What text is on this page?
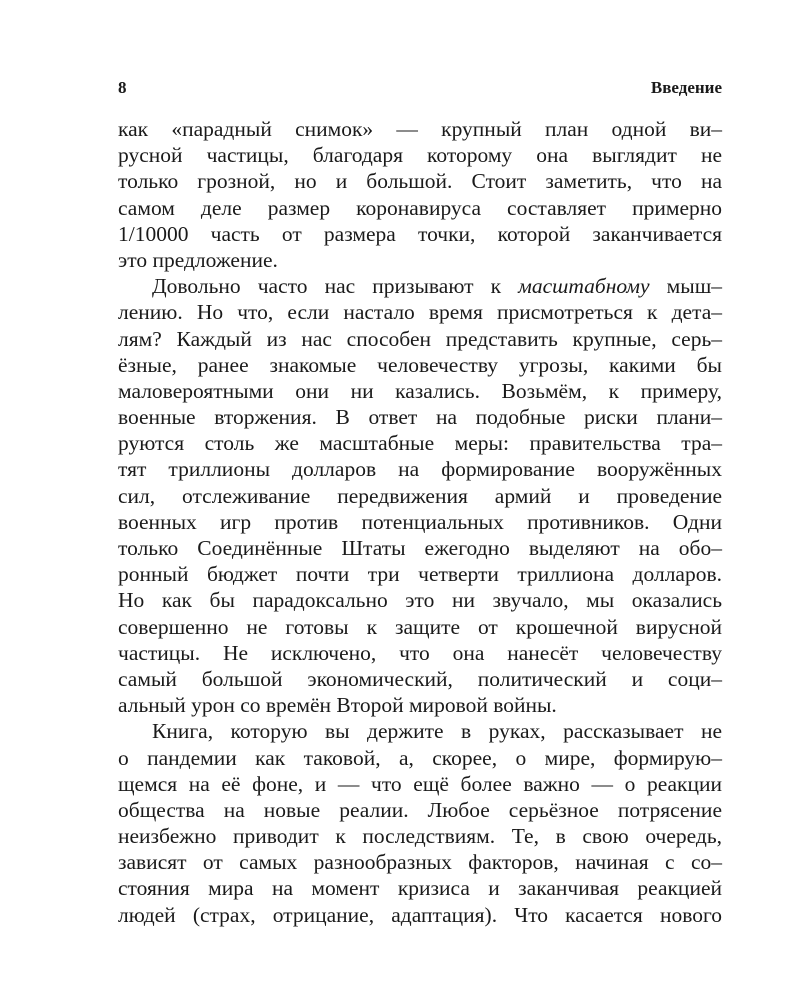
8	Введение
как «парадный снимок» — крупный план одной ви–
русной частицы, благодаря которому она выглядит не
только грозной, но и большой. Стоит заметить, что на
самом деле размер коронавируса составляет примерно
1/10000 часть от размера точки, которой заканчивается
это предложение.
Довольно часто нас призывают к масштабному мыш–
лению. Но что, если настало время присмотреться к дета–
лям? Каждый из нас способен представить крупные, серь–
ёзные, ранее знакомые человечеству угрозы, какими бы
маловероятными они ни казались. Возьмём, к примеру,
военные вторжения. В ответ на подобные риски плани–
руются столь же масштабные меры: правительства тра–
тят триллионы долларов на формирование вооружённых
сил, отслеживание передвижения армий и проведение
военных игр против потенциальных противников. Одни
только Соединённые Штаты ежегодно выделяют на обо–
ронный бюджет почти три четверти триллиона долларов.
Но как бы парадоксально это ни звучало, мы оказались
совершенно не готовы к защите от крошечной вирусной
частицы. Не исключено, что она нанесёт человечеству
самый большой экономический, политический и соци–
альный урон со времён Второй мировой войны.
Книга, которую вы держите в руках, рассказывает не
о пандемии как таковой, а, скорее, о мире, формирую–
щемся на её фоне, и — что ещё более важно — о реакции
общества на новые реалии. Любое серьёзное потрясение
неизбежно приводит к последствиям. Те, в свою очередь,
зависят от самых разнообразных факторов, начиная с со–
стояния мира на момент кризиса и заканчивая реакцией
людей (страх, отрицание, адаптация). Что касается нового
